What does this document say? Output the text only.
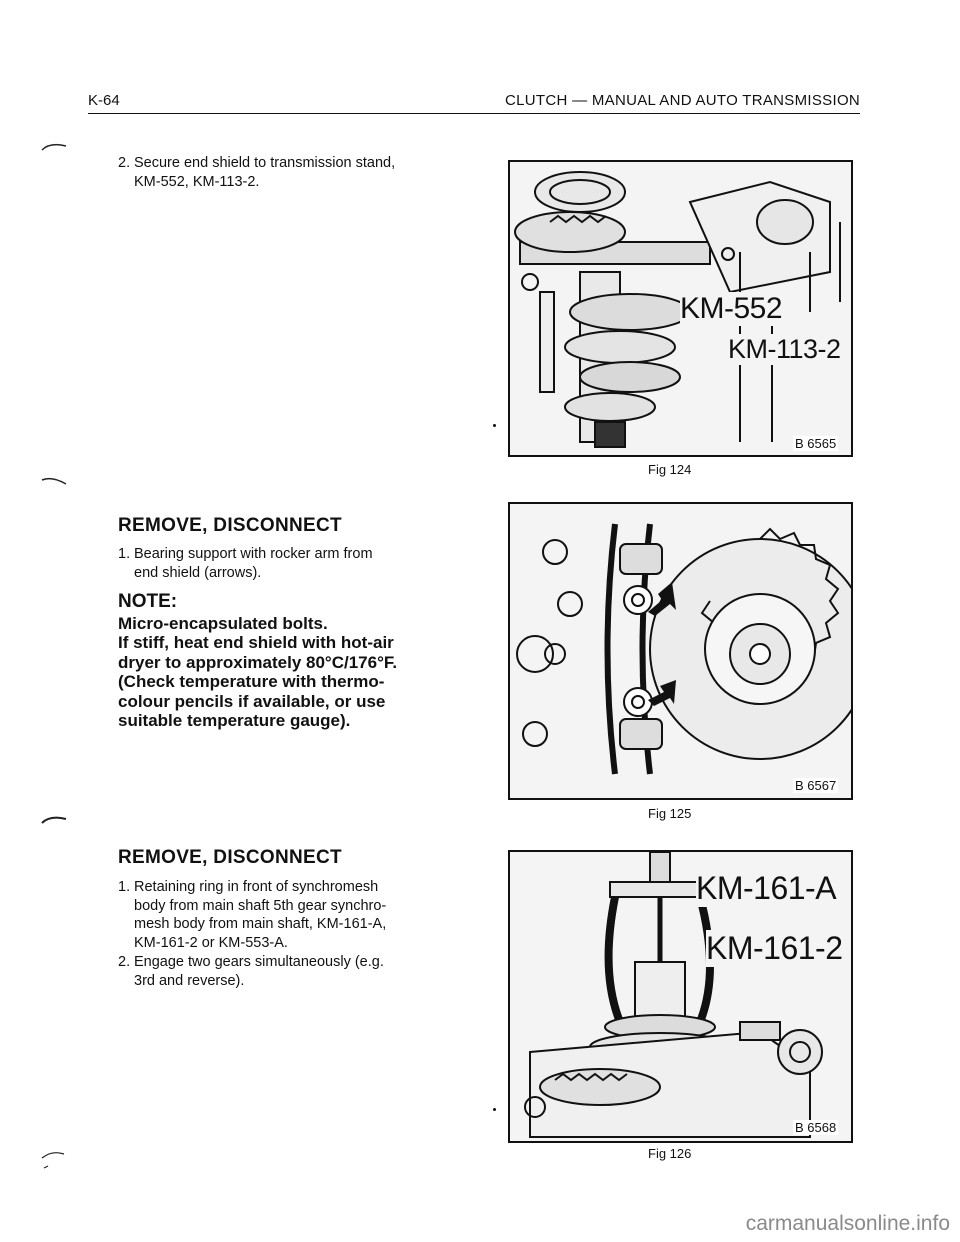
K-64	CLUTCH — MANUAL AND AUTO TRANSMISSION
2. Secure end shield to transmission stand,
KM-552, KM-113-2.
REMOVE, DISCONNECT
1. Bearing support with rocker arm from
end shield (arrows).
NOTE:
Micro-encapsulated bolts.
If stiff, heat end shield with hot-air
dryer to approximately 80°C/176°F.
(Check temperature with thermo-
colour pencils if available, or use
suitable temperature gauge).
REMOVE, DISCONNECT
1. Retaining ring in front of synchromesh
body from main shaft 5th gear synchro-
mesh body from main shaft, KM-161-A,
KM-161-2 or KM-553-A.
2. Engage two gears simultaneously (e.g.
3rd and reverse).
KM-552
KM-113-2
B 6565
Fig 124
B 6567
Fig 125
KM-161-A
KM-161-2
B 6568
Fig 126
carmanualsonline.info
